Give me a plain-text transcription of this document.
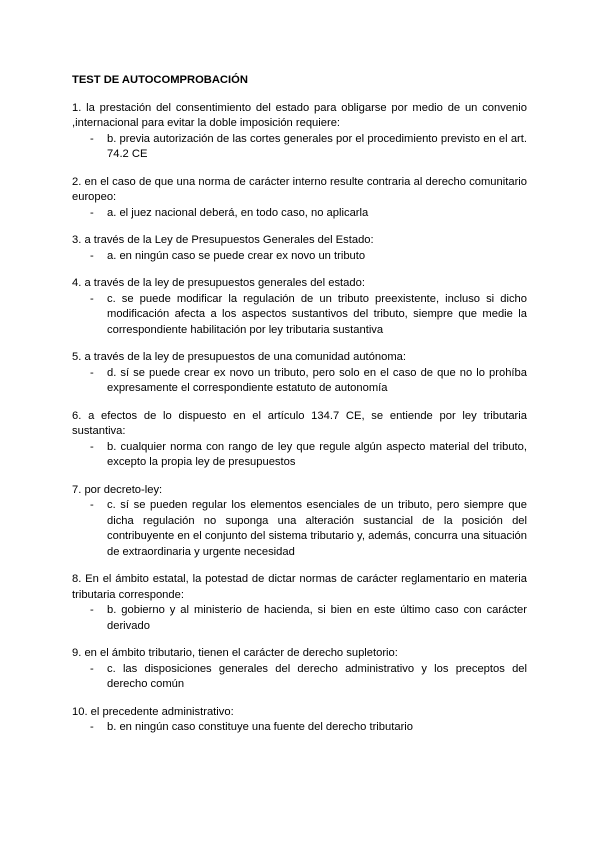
TEST DE AUTOCOMPROBACIÓN
1. la prestación del consentimiento del estado para obligarse por medio de un convenio ,internacional para evitar la doble imposición requiere:
-	b. previa autorización de las cortes generales por el procedimiento previsto en el art. 74.2 CE
2. en el caso de que una norma de carácter interno resulte contraria al derecho comunitario europeo:
-	a. el juez nacional deberá, en todo caso, no aplicarla
3. a través de la Ley de Presupuestos Generales del Estado:
-	a. en ningún caso se puede crear ex novo un tributo
4. a través de la ley de presupuestos generales del estado:
-	c. se puede modificar la regulación de un tributo preexistente, incluso si dicho modificación afecta a los aspectos sustantivos del tributo, siempre que medie la correspondiente habilitación por ley tributaria sustantiva
5. a través de la ley de presupuestos de una comunidad autónoma:
-	d. sí se puede crear ex novo un tributo, pero solo en el caso de que no lo prohíba expresamente el correspondiente estatuto de autonomía
6. a efectos de lo dispuesto en el artículo 134.7 CE, se entiende por ley tributaria sustantiva:
-	b. cualquier norma con rango de ley que regule algún aspecto material del tributo, excepto la propia ley de presupuestos
7. por decreto-ley:
-	c. sí se pueden regular los elementos esenciales de un tributo, pero siempre que dicha regulación no suponga una alteración sustancial de la posición del contribuyente en el conjunto del sistema tributario y, además, concurra una situación de extraordinaria y urgente necesidad
8. En el ámbito estatal, la potestad de dictar normas de carácter reglamentario en materia tributaria corresponde:
-	b. gobierno y al ministerio de hacienda, si bien en este último caso con carácter derivado
9. en el ámbito tributario, tienen el carácter de derecho supletorio:
-	c. las disposiciones generales del derecho administrativo y los preceptos del derecho común
10. el precedente administrativo:
-	b. en ningún caso constituye una fuente del derecho tributario
